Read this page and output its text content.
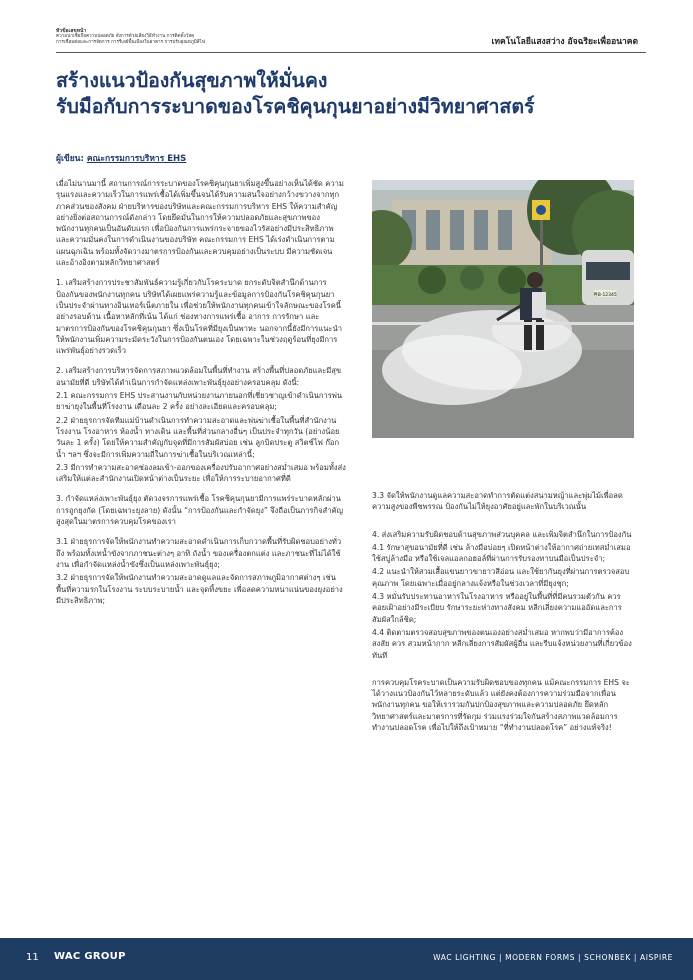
หัวข้อเลขหน้า
ความน่าเชื่อถือความปลอดภัย สั่งการด้วยเสียงวิธีทำงาน การติดตั้งวัสดุ
การเชื่อมต่อและการจัดการ การรีเลย์พื้นเมืองในอาคาร การปรับอุณหภูมิสีไฟ	เทคโนโลยีแสงสว่าง อัจฉริยะเพื่ออนาคต
สร้างแนวป้องกันสุขภาพให้มั่นคง
รับมือกับการระบาดของโรคชิคุนกุนยาอย่างมีวิทยาศาสตร์
ผู้เขียน: คณะกรรมการบริหาร EHS

เมื่อไม่นานมานี้ สถานการณ์การระบาดของโรคชิคุนกุนยาเพิ่มสูงขึ้นอย่างเห็นได้ชัด ความรุนแรงและความเร็วในการแพร่เชื้อได้เพิ่มขึ้นจนได้รับความสนใจอย่างกว้างขวางจากทุกภาคส่วนของสังคม ฝ่ายบริหารของบริษัทและคณะกรรมการบริหาร EHS ให้ความสำคัญอย่างยิ่งต่อสถานการณ์ดังกล่าว โดยยึดมั่นในการให้ความปลอดภัยและสุขภาพของพนักงานทุกคนเป็นอันดับแรก เพื่อป้องกันการแพร่กระจายของไวรัสอย่างมีประสิทธิภาพ และความมั่นคงในการดำเนินงานของบริษัท คณะกรรมการ EHS ได้เร่งดำเนินการตามแผนฉุกเฉิน พร้อมทั้งจัดวางมาตรการป้องกันและควบคุมอย่างเป็นระบบ มีความชัดเจน และอ้างอิงตามหลักวิทยาศาสตร์

1. เสริมสร้างการประชาสัมพันธ์ความรู้เกี่ยวกับโรคระบาด ยกระดับจิตสำนึกด้านการป้องกันของพนักงานทุกคน บริษัทได้เผยแพร่ความรู้และข้อมูลการป้องกันโรคชิคุนกุนยาเป็นประจำผ่านทางอินเทอร์เน็ตภายใน เพื่อช่วยให้พนักงานทุกคนเข้าใจลักษณะของโรคนี้อย่างรอบด้าน เนื้อหาหลักที่เน้น ได้แก่ ช่องทางการแพร่เชื้อ อาการ การรักษา และมาตรการป้องกันของโรคชิคุนกุนยา ซึ่งเป็นโรคที่มียุงเป็นพาหะ นอกจากนี้ยังมีการแนะนำให้พนักงานเพิ่มความระมัดระวังในการป้องกันตนเอง โดยเฉพาะในช่วงฤดูร้อนที่ยุงมีการแพร่พันธุ์อย่างรวดเร็ว

2. เสริมสร้างการบริหารจัดการสภาพแวดล้อมในพื้นที่ทำงาน สร้างพื้นที่ปลอดภัยและมีสุขอนามัยที่ดี บริษัทได้ดำเนินการกำจัดแหล่งเพาะพันธุ์ยุงอย่างครอบคลุม ดังนี้:

2.1 คณะกรรมการ EHS ประสานงานกับหน่วยงานภายนอกที่เชี่ยวชาญเข้าดำเนินการพ่นยาฆ่ายุงในพื้นที่โรงงาน เดือนละ 2 ครั้ง อย่างละเอียดและครอบคลุม;

2.2 ฝ่ายธุรการจัดทีมแม่บ้านดำเนินการทำความสะอาดและพ่นฆ่าเชื้อในพื้นที่สำนักงาน โรงงาน โรงอาหาร ห้องน้ำ ทางเดิน และพื้นที่ส่วนกลางอื่นๆ เป็นประจำทุกวัน (อย่างน้อยวันละ 1 ครั้ง) โดยให้ความสำคัญกับจุดที่มีการสัมผัสบ่อย เช่น ลูกบิดประตู สวิตช์ไฟ ก๊อกน้ำ ฯลฯ ซึ่งจะมีการเพิ่มความถี่ในการฆ่าเชื้อในบริเวณเหล่านี้;

2.3 มีการทำความสะอาดช่องลมเข้า-ออกของเครื่องปรับอากาศอย่างสม่ำเสมอ พร้อมทั้งส่งเสริมให้แต่ละสำนักงานเปิดหน้าต่างเป็นระยะ เพื่อให้การระบายอากาศที่ดี

3. กำจัดแหล่งเพาะพันธุ์ยุง ตัดวงจรการแพร่เชื้อ โรคชิคุนกุนยามีการแพร่ระบาดหลักผ่านการถูกยุงกัด (โดยเฉพาะยุงลาย) ดังนั้น “การป้องกันและกำจัดยุง” จึงถือเป็นภารกิจสำคัญสูงสุดในมาตรการควบคุมโรคของเรา

3.1 ฝ่ายธุรการจัดให้พนักงานทำความสะอาดดำเนินการเก็บกวาดพื้นที่รับผิดชอบอย่างทั่วถึง พร้อมทั้งเทน้ำขังจากภาชนะต่างๆ อาทิ ถังน้ำ ของเครื่องตกแต่ง และภาชนะที่ไม่ได้ใช้งาน เพื่อกำจัดแหล่งน้ำขังซึ่งเป็นแหล่งเพาะพันธุ์ยุง;

3.2 ฝ่ายธุรการจัดให้พนักงานทำความสะอาดดูแลและจัดการสภาพภูมิอากาศต่างๆ เช่น พื้นที่ความรกในโรงงาน ระบบระบายน้ำ และจุดทิ้งขยะ เพื่อลดความหนาแน่นของยุงอย่างมีประสิทธิภาพ;

粤B-12345

3.3 จัดให้พนักงานดูแลความสะอาดทำการตัดแต่งสนามหญ้าและพุ่มไม้เพื่อลดความสูงของพืชพรรณ ป้องกันไม่ให้ยุงอาศัยอยู่และพักในบริเวณนั้น

4. ส่งเสริมความรับผิดชอบด้านสุขภาพส่วนบุคคล และเพิ่มจิตสำนึกในการป้องกัน

4.1 รักษาสุขอนามัยที่ดี เช่น ล้างมือบ่อยๆ เปิดหน้าต่างให้อากาศถ่ายเทสม่ำเสมอ ใช้สบู่ล้างมือ หรือใช้เจลแอลกอฮอล์ที่ผ่านการรับรองทาบนมือเป็นประจำ;

4.2 แนะนำให้สวมเสื้อแขนยาวขายาวสีอ่อน และใช้ยากันยุงที่ผ่านการตรวจสอบคุณภาพ โดยเฉพาะเมื่ออยู่กลางแจ้งหรือในช่วงเวลาที่มียุงชุก;

4.3 หมั่นรับประทานอาหารในโรงอาหาร หรืออยู่ในพื้นที่ที่มีคนรวมตัวกัน ควรคอยเฝ้าอย่างมีระเบียบ รักษาระยะห่างทางสังคม หลีกเลี่ยงความแออัดและการสัมผัสใกล้ชิด;

4.4 ติดตามตรวจสอบสุขภาพของตนเองอย่างสม่ำเสมอ หากพบว่ามีอาการต้องสงสัย ควร สวมหน้ากาก หลีกเลี่ยงการสัมผัสผู้อื่น และรีบแจ้งหน่วยงานที่เกี่ยวข้องทันที

การควบคุมโรคระบาดเป็นความรับผิดชอบของทุกคน แม้คณะกรรมการ EHS จะได้วางแนวป้องกันไว้หลายระดับแล้ว แต่ยังคงต้องการความร่วมมือจากเพื่อนพนักงานทุกคน ขอให้เรารวมกันปกป้องสุขภาพและความปลอดภัย ยึดหลักวิทยาศาสตร์และมาตรการที่รัดกุม ร่วมแรงร่วมใจกันสร้างสภาพแวดล้อมการทำงานปลอดโรค เพื่อไปให้ถึงเป้าหมาย “ที่ทำงานปลอดโรค” อย่างแท้จริง!

11 WAC GROUP	WAC LIGHTING | MODERN FORMS | SCHONBEK | AISPIRE
